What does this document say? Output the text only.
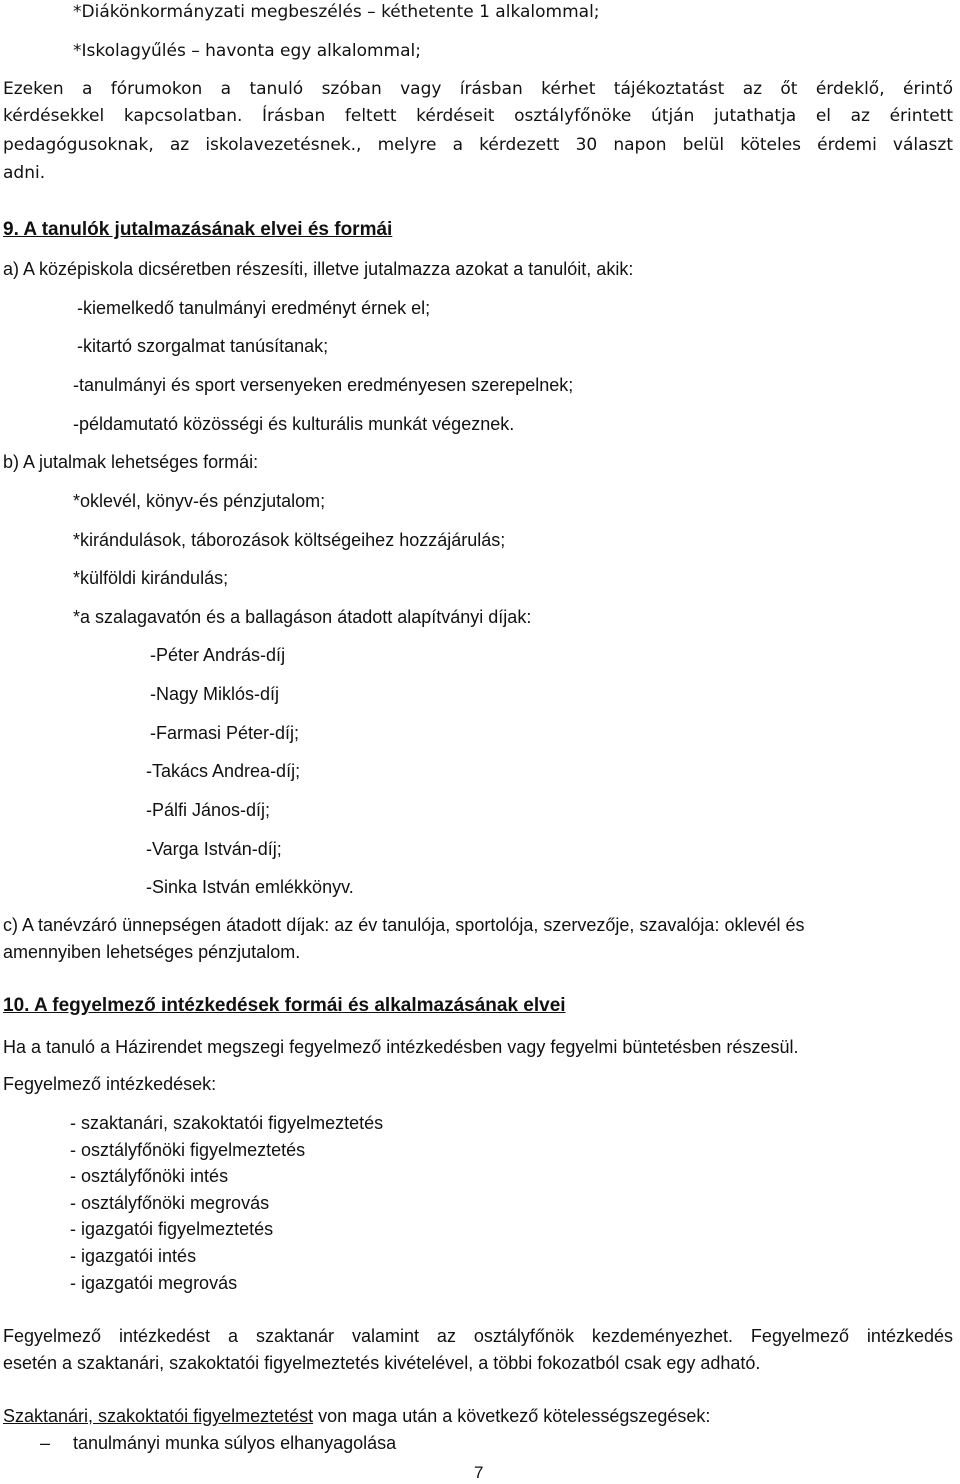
*Diákönkormányzati megbeszélés – kéthetente 1 alkalommal;
*Iskolagyűlés – havonta egy alkalommal;
Ezeken a fórumokon a tanuló szóban vagy írásban kérhet tájékoztatást az őt érdeklő, érintő
kérdésekkel kapcsolatban. Írásban feltett kérdéseit osztályfőnöke útján jutathatja el az érintett
pedagógusoknak, az iskolavezetésnek., melyre a kérdezett 30 napon belül köteles érdemi választ
adni.
9. A tanulók jutalmazásának elvei és formái
a) A középiskola dicséretben részesíti, illetve jutalmazza azokat a tanulóit, akik:
-kiemelkedő tanulmányi eredményt érnek el;
-kitartó szorgalmat tanúsítanak;
-tanulmányi és sport versenyeken eredményesen szerepelnek;
-példamutató közösségi és kulturális munkát végeznek.
b) A jutalmak lehetséges formái:
*oklevél, könyv-és pénzjutalom;
*kirándulások, táborozások költségeihez hozzájárulás;
*külföldi kirándulás;
*a szalagavatón és a ballagáson átadott alapítványi díjak:
-Péter András-díj
-Nagy Miklós-díj
-Farmasi Péter-díj;
-Takács Andrea-díj;
-Pálfi János-díj;
-Varga István-díj;
-Sinka István emlékkönyv.
c) A tanévzáró ünnepségen átadott díjak: az év tanulója, sportolója, szervezője, szavalója: oklevél és
amennyiben lehetséges pénzjutalom.
10. A fegyelmező intézkedések formái és alkalmazásának elvei
Ha a tanuló a Házirendet megszegi fegyelmező intézkedésben vagy fegyelmi büntetésben részesül.
Fegyelmező intézkedések:
- szaktanári, szakoktatói figyelmeztetés
- osztályfőnöki figyelmeztetés
- osztályfőnöki intés
- osztályfőnöki megrovás
- igazgatói figyelmeztetés
- igazgatói intés
- igazgatói megrovás
Fegyelmező intézkedést a szaktanár valamint az osztályfőnök kezdeményezhet. Fegyelmező intézkedés
esetén a szaktanári, szakoktatói figyelmeztetés kivételével, a többi fokozatból csak egy adható.
Szaktanári, szakoktatói figyelmeztetést von maga után a következő kötelességszegések:
– tanulmányi munka súlyos elhanyagolása
7
